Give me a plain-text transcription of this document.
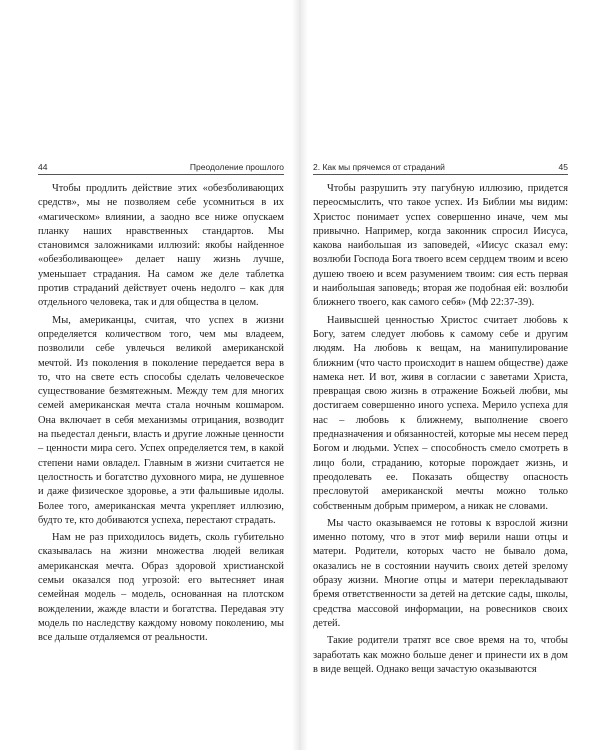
44	Преодоление прошлого

Чтобы продлить действие этих «обезболивающих средств», мы не позволяем себе усомниться в их «магическом» влиянии, а заодно все ниже опускаем планку наших нравственных стандартов. Мы становимся заложниками иллюзий: якобы найденное «обезболивающее» делает нашу жизнь лучше, уменьшает страдания. На самом же деле таблетка против страданий действует очень недолго – как для отдельного человека, так и для общества в целом.

Мы, американцы, считая, что успех в жизни определяется количеством того, чем мы владеем, позволили себе увлечься великой американской мечтой. Из поколения в поколение передается вера в то, что на свете есть способы сделать человеческое существование безмятежным. Между тем для многих семей американская мечта стала ночным кошмаром. Она включает в себя механизмы отрицания, возводит на пьедестал деньги, власть и другие ложные ценности – ценности мира сего. Успех определяется тем, в какой степени нами овладел. Главным в жизни считается не целостность и богатство духовного мира, не душевное и даже физическое здоровье, а эти фальшивые идолы. Более того, американская мечта укрепляет иллюзию, будто те, кто добиваются успеха, перестают страдать.

Нам не раз приходилось видеть, сколь губительно сказывалась на жизни множества людей великая американская мечта. Образ здоровой христианской семьи оказался под угрозой: его вытесняет иная семейная модель – модель, основанная на плотском вожделении, жажде власти и богатства. Передавая эту модель по наследству каждому новому поколению, мы все дальше отдаляемся от реальности.

2. Как мы прячемся от страданий	45

Чтобы разрушить эту пагубную иллюзию, придется переосмыслить, что такое успех. Из Библии мы видим: Христос понимает успех совершенно иначе, чем мы привычно. Например, когда законник спросил Иисуса, какова наибольшая из заповедей, «Иисус сказал ему: возлюби Господа Бога твоего всем сердцем твоим и всею душею твоею и всем разумением твоим: сия есть первая и наибольшая заповедь; вторая же подобная ей: возлюби ближнего твоего, как самого себя» (Мф 22:37-39).

Наивысшей ценностью Христос считает любовь к Богу, затем следует любовь к самому себе и другим людям. На любовь к вещам, на манипулирование ближним (что часто происходит в нашем обществе) даже намека нет. И вот, живя в согласии с заветами Христа, превращая свою жизнь в отражение Божьей любви, мы достигаем совершенно иного успеха. Мерило успеха для нас – любовь к ближнему, выполнение своего предназначения и обязанностей, которые мы несем перед Богом и людьми. Успех – способность смело смотреть в лицо боли, страданию, которые порождает жизнь, и преодолевать ее. Показать обществу опасность пресловутой американской мечты можно только собственным добрым примером, а никак не словами.

Мы часто оказываемся не готовы к взрослой жизни именно потому, что в этот миф верили наши отцы и матери. Родители, которых часто не бывало дома, оказались не в состоянии научить своих детей зрелому образу жизни. Многие отцы и матери перекладывают бремя ответственности за детей на детские сады, школы, средства массовой информации, на ровесников своих детей.

Такие родители тратят все свое время на то, чтобы заработать как можно больше денег и принести их в дом в виде вещей. Однако вещи зачастую оказываются
